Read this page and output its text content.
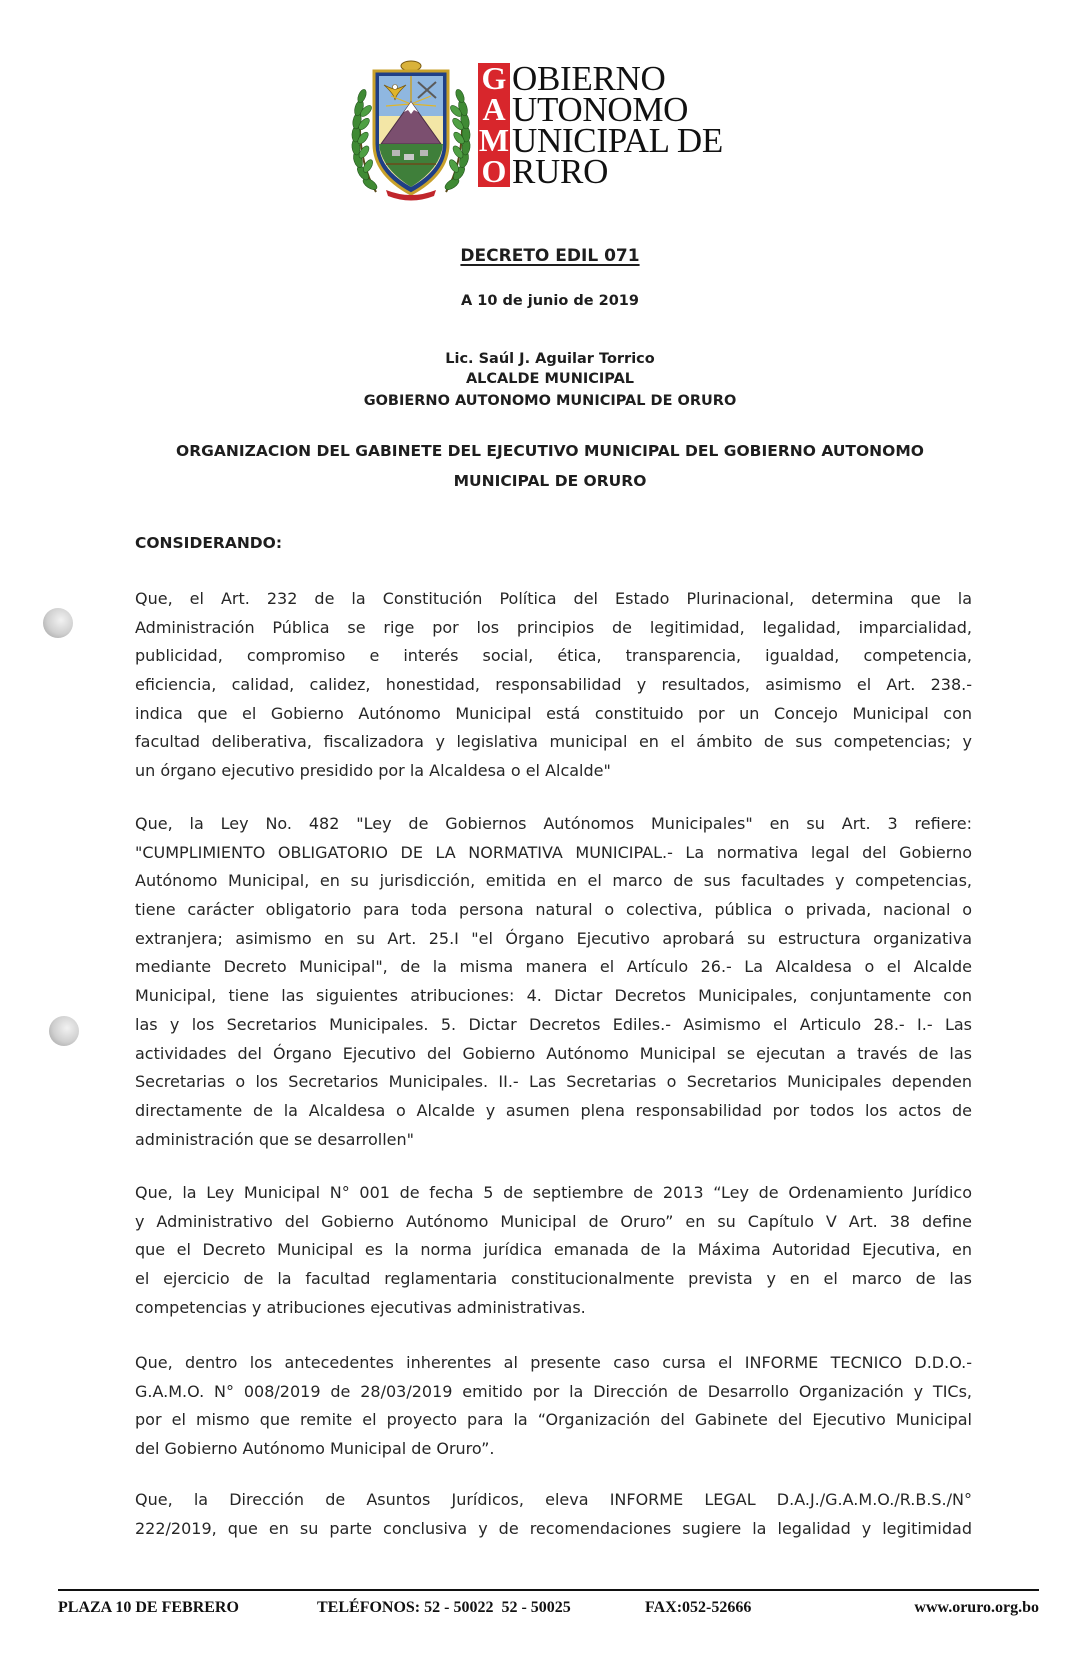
G
A
M
O
OBIERNO
UTONOMO
UNICIPAL DE
RURO
DECRETO EDIL 071
A 10 de junio de 2019
Lic. Saúl J. Aguilar Torrico
ALCALDE MUNICIPAL
GOBIERNO AUTONOMO MUNICIPAL DE ORURO
ORGANIZACION DEL GABINETE DEL EJECUTIVO MUNICIPAL DEL GOBIERNO AUTONOMO
MUNICIPAL DE ORURO
CONSIDERANDO:
Que, el Art. 232 de la Constitución Política del Estado Plurinacional, determina que la
Administración Pública se rige por los principios de legitimidad, legalidad, imparcialidad,
publicidad, compromiso e interés social, ética, transparencia, igualdad, competencia,
eficiencia, calidad, calidez, honestidad, responsabilidad y resultados, asimismo el Art. 238.-
indica que el Gobierno Autónomo Municipal está constituido por un Concejo Municipal con
facultad deliberativa, fiscalizadora y legislativa municipal en el ámbito de sus competencias; y
un órgano ejecutivo presidido por la Alcaldesa o el Alcalde"
Que, la Ley No. 482 "Ley de Gobiernos Autónomos Municipales" en su Art. 3 refiere:
"CUMPLIMIENTO OBLIGATORIO DE LA NORMATIVA MUNICIPAL.- La normativa legal del Gobierno
Autónomo Municipal, en su jurisdicción, emitida en el marco de sus facultades y competencias,
tiene carácter obligatorio para toda persona natural o colectiva, pública o privada, nacional o
extranjera; asimismo en su Art. 25.I "el Órgano Ejecutivo aprobará su estructura organizativa
mediante Decreto Municipal", de la misma manera el Artículo 26.- La Alcaldesa o el Alcalde
Municipal, tiene las siguientes atribuciones: 4. Dictar Decretos Municipales, conjuntamente con
las y los Secretarios Municipales. 5. Dictar Decretos Ediles.- Asimismo el Articulo 28.- I.- Las
actividades del Órgano Ejecutivo del Gobierno Autónomo Municipal se ejecutan a través de las
Secretarias o los Secretarios Municipales. II.- Las Secretarias o Secretarios Municipales dependen
directamente de la Alcaldesa o Alcalde y asumen plena responsabilidad por todos los actos de
administración que se desarrollen"
Que, la Ley Municipal N° 001 de fecha 5 de septiembre de 2013 “Ley de Ordenamiento Jurídico
y Administrativo del Gobierno Autónomo Municipal de Oruro” en su Capítulo V Art. 38 define
que el Decreto Municipal es la norma jurídica emanada de la Máxima Autoridad Ejecutiva, en
el ejercicio de la facultad reglamentaria constitucionalmente prevista y en el marco de las
competencias y atribuciones ejecutivas administrativas.
Que, dentro los antecedentes inherentes al presente caso cursa el INFORME TECNICO D.D.O.-
G.A.M.O. N° 008/2019 de 28/03/2019 emitido por la Dirección de Desarrollo Organización y TICs,
por el mismo que remite el proyecto para la “Organización del Gabinete del Ejecutivo Municipal
del Gobierno Autónomo Municipal de Oruro”.
Que, la Dirección de Asuntos Jurídicos, eleva INFORME LEGAL D.A.J./G.A.M.O./R.B.S./N°
222/2019, que en su parte conclusiva y de recomendaciones sugiere la legalidad y legitimidad
PLAZA 10 DE FEBRERO	TELÉFONOS: 52 - 50022  52 - 50025	FAX:052-52666	www.oruro.org.bo
